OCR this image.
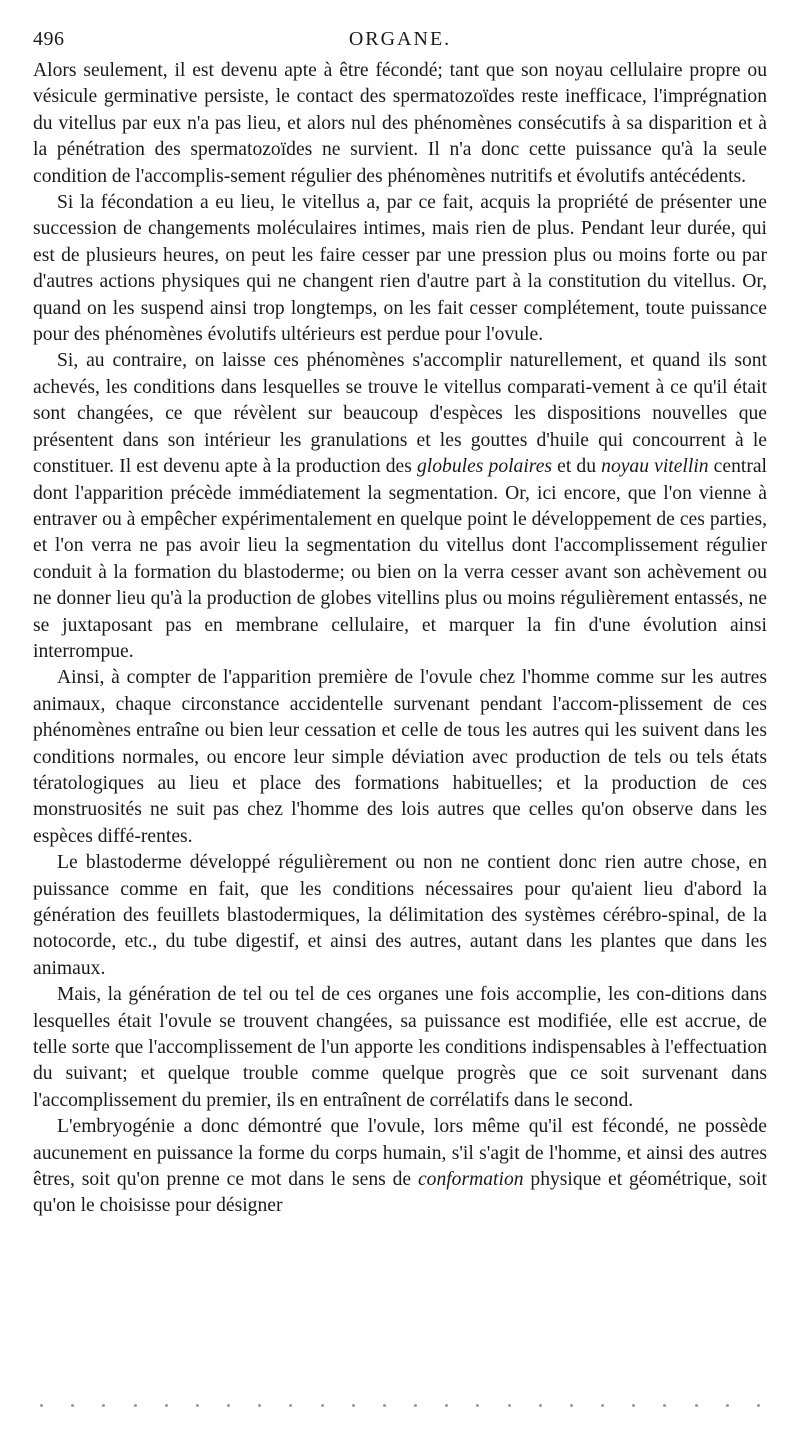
496	ORGANE.

Alors seulement, il est devenu apte à être fécondé; tant que son noyau cellulaire propre ou vésicule germinative persiste, le contact des spermatozoïdes reste inefficace, l'imprégnation du vitellus par eux n'a pas lieu, et alors nul des phénomènes consécutifs à sa disparition et à la pénétration des spermatozoïdes ne survient. Il n'a donc cette puissance qu'à la seule condition de l'accomplis-sement régulier des phénomènes nutritifs et évolutifs antécédents.

Si la fécondation a eu lieu, le vitellus a, par ce fait, acquis la propriété de présenter une succession de changements moléculaires intimes, mais rien de plus. Pendant leur durée, qui est de plusieurs heures, on peut les faire cesser par une pression plus ou moins forte ou par d'autres actions physiques qui ne changent rien d'autre part à la constitution du vitellus. Or, quand on les suspend ainsi trop longtemps, on les fait cesser complétement, toute puissance pour des phénomènes évolutifs ultérieurs est perdue pour l'ovule.

Si, au contraire, on laisse ces phénomènes s'accomplir naturellement, et quand ils sont achevés, les conditions dans lesquelles se trouve le vitellus comparati-vement à ce qu'il était sont changées, ce que révèlent sur beaucoup d'espèces les dispositions nouvelles que présentent dans son intérieur les granulations et les gouttes d'huile qui concourrent à le constituer. Il est devenu apte à la production des globules polaires et du noyau vitellin central dont l'apparition précède immédiatement la segmentation. Or, ici encore, que l'on vienne à entraver ou à empêcher expérimentalement en quelque point le développement de ces parties, et l'on verra ne pas avoir lieu la segmentation du vitellus dont l'accomplissement régulier conduit à la formation du blastoderme; ou bien on la verra cesser avant son achèvement ou ne donner lieu qu'à la production de globes vitellins plus ou moins régulièrement entassés, ne se juxtaposant pas en membrane cellulaire, et marquer la fin d'une évolution ainsi interrompue.

Ainsi, à compter de l'apparition première de l'ovule chez l'homme comme sur les autres animaux, chaque circonstance accidentelle survenant pendant l'accom-plissement de ces phénomènes entraîne ou bien leur cessation et celle de tous les autres qui les suivent dans les conditions normales, ou encore leur simple déviation avec production de tels ou tels états tératologiques au lieu et place des formations habituelles; et la production de ces monstruosités ne suit pas chez l'homme des lois autres que celles qu'on observe dans les espèces diffé-rentes.

Le blastoderme développé régulièrement ou non ne contient donc rien autre chose, en puissance comme en fait, que les conditions nécessaires pour qu'aient lieu d'abord la génération des feuillets blastodermiques, la délimitation des systèmes cérébro-spinal, de la notocorde, etc., du tube digestif, et ainsi des autres, autant dans les plantes que dans les animaux.

Mais, la génération de tel ou tel de ces organes une fois accomplie, les con-ditions dans lesquelles était l'ovule se trouvent changées, sa puissance est modifiée, elle est accrue, de telle sorte que l'accomplissement de l'un apporte les conditions indispensables à l'effectuation du suivant; et quelque trouble comme quelque progrès que ce soit survenant dans l'accomplissement du premier, ils en entraînent de corrélatifs dans le second.

L'embryogénie a donc démontré que l'ovule, lors même qu'il est fécondé, ne possède aucunement en puissance la forme du corps humain, s'il s'agit de l'homme, et ainsi des autres êtres, soit qu'on prenne ce mot dans le sens de conformation physique et géométrique, soit qu'on le choisisse pour désigner
